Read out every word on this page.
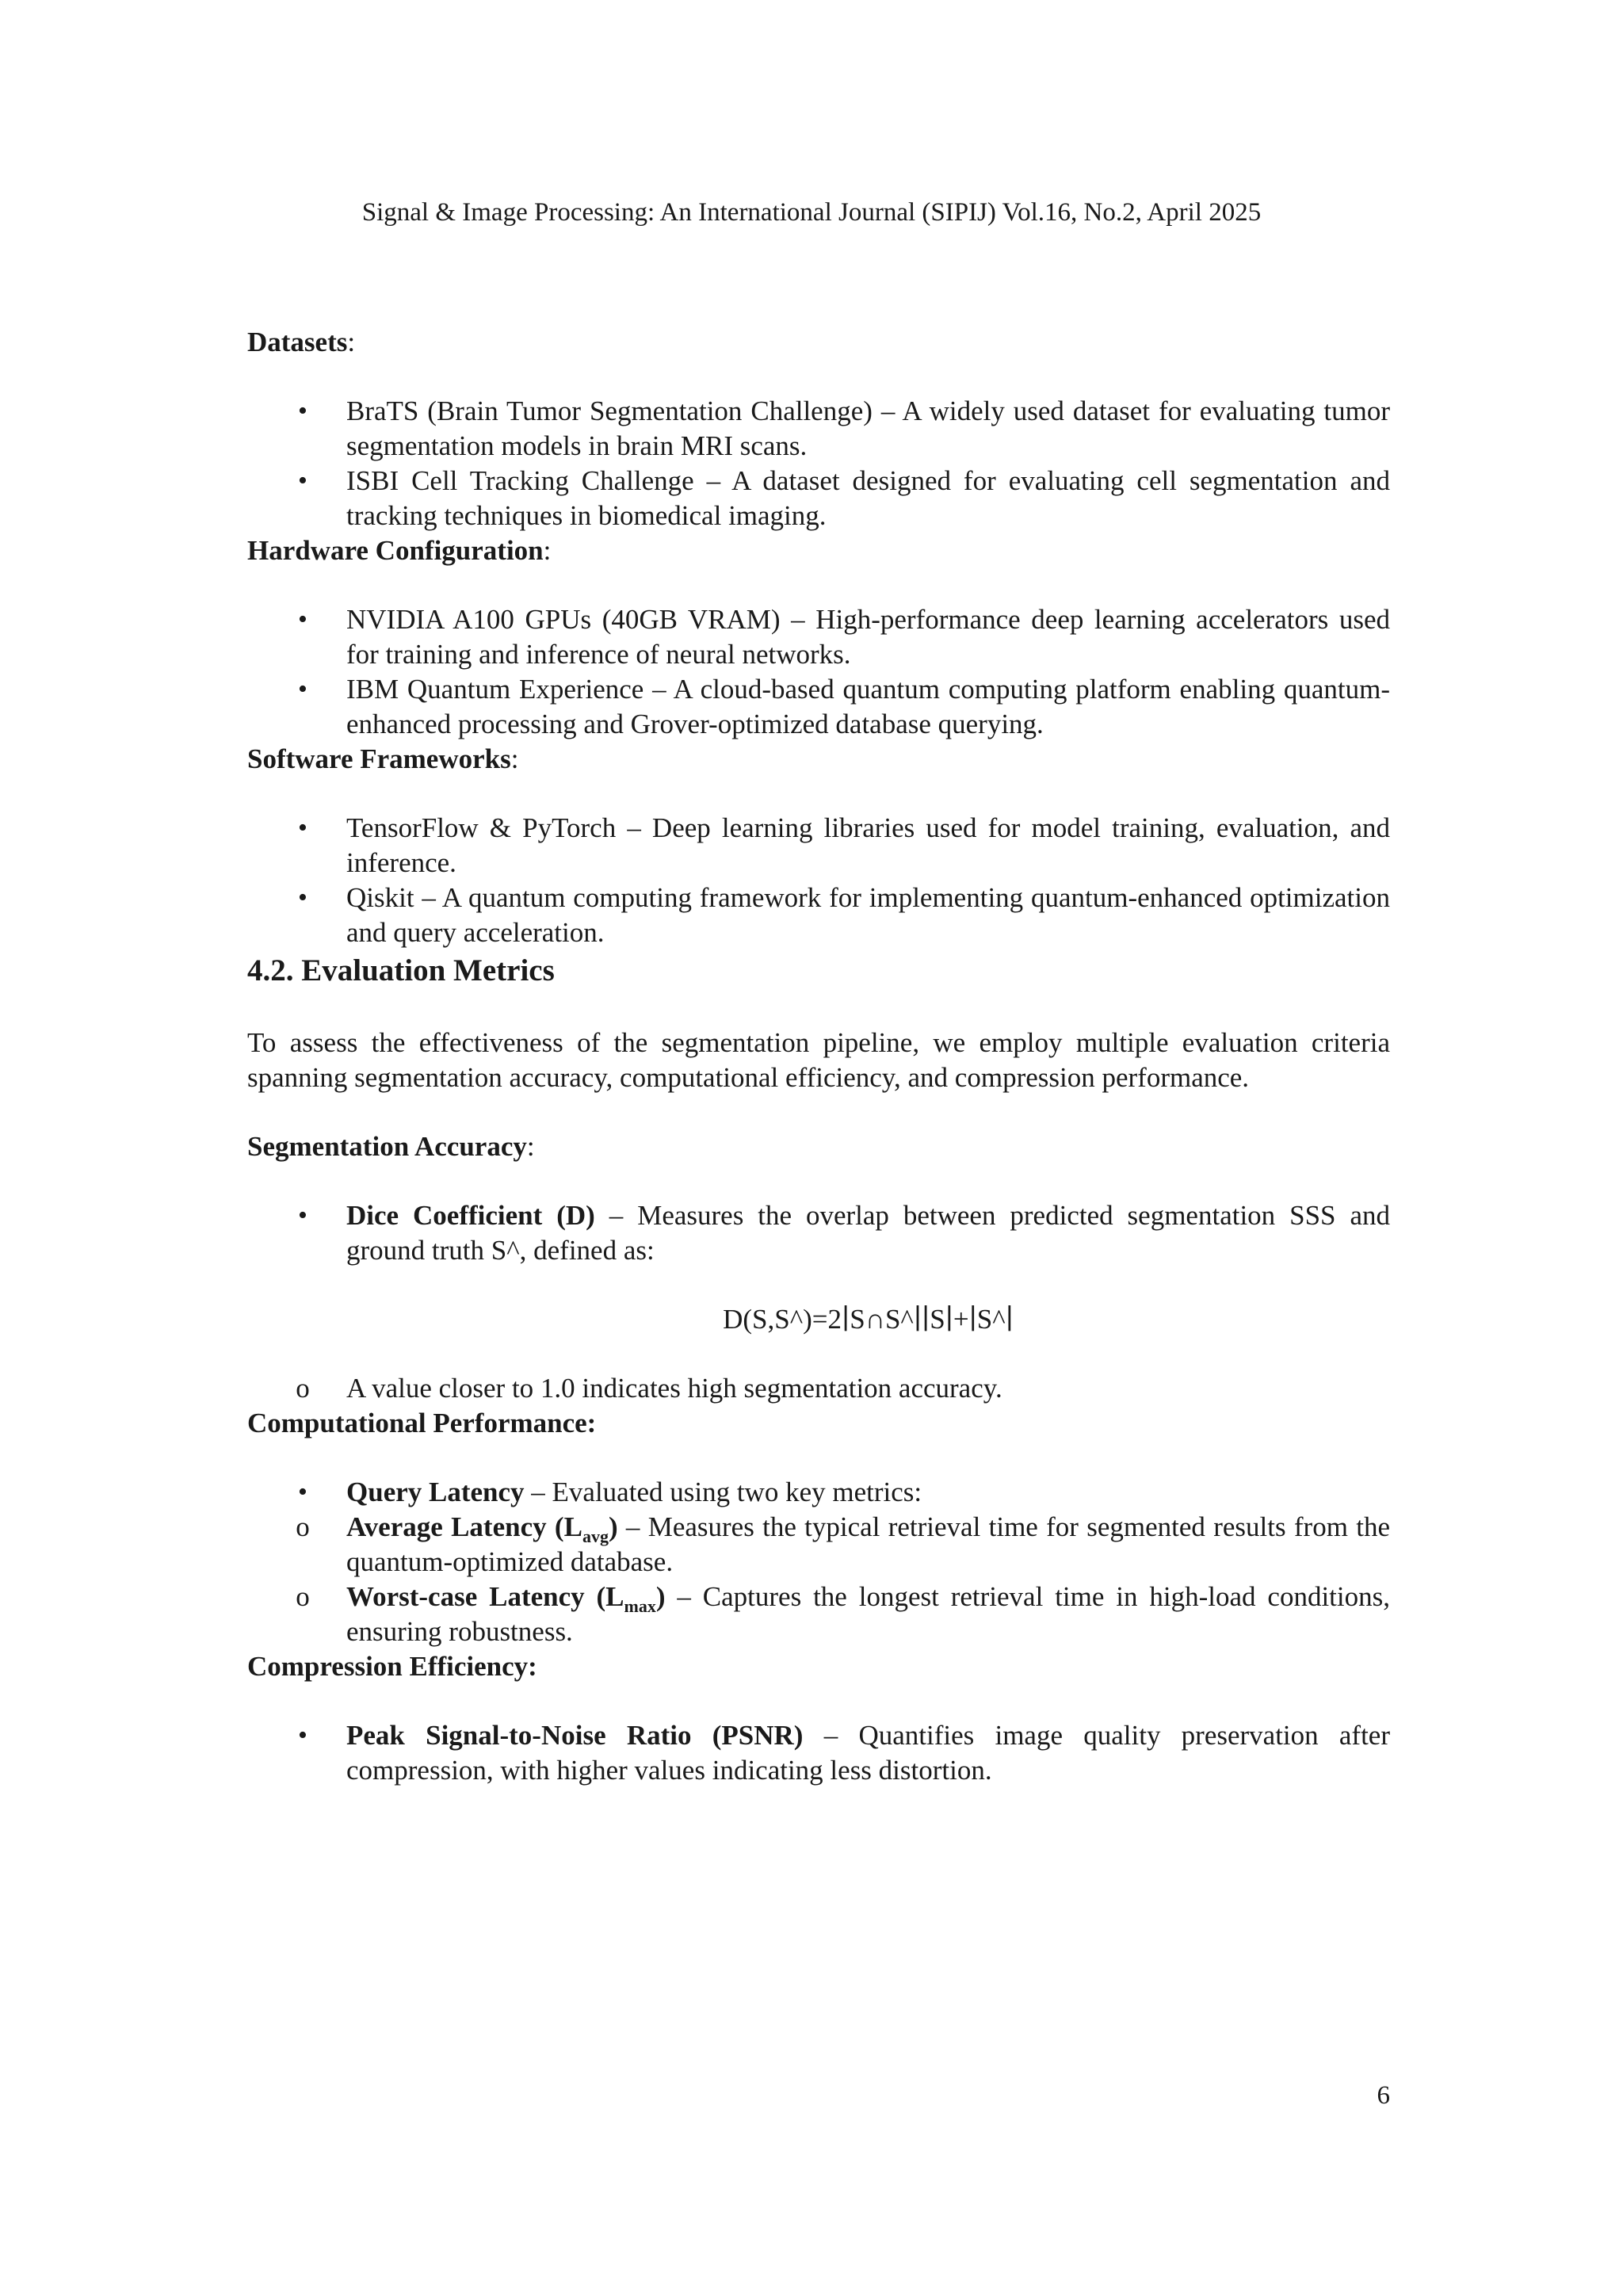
Signal & Image Processing: An International Journal (SIPIJ) Vol.16, No.2, April 2025
Datasets:
• BraTS (Brain Tumor Segmentation Challenge) – A widely used dataset for evaluating tumor segmentation models in brain MRI scans.
• ISBI Cell Tracking Challenge – A dataset designed for evaluating cell segmentation and tracking techniques in biomedical imaging.
Hardware Configuration:
• NVIDIA A100 GPUs (40GB VRAM) – High-performance deep learning accelerators used for training and inference of neural networks.
• IBM Quantum Experience – A cloud-based quantum computing platform enabling quantum-enhanced processing and Grover-optimized database querying.
Software Frameworks:
• TensorFlow & PyTorch – Deep learning libraries used for model training, evaluation, and inference.
• Qiskit – A quantum computing framework for implementing quantum-enhanced optimization and query acceleration.
4.2. Evaluation Metrics

To assess the effectiveness of the segmentation pipeline, we employ multiple evaluation criteria spanning segmentation accuracy, computational efficiency, and compression performance.

Segmentation Accuracy:
• Dice Coefficient (D) – Measures the overlap between predicted segmentation SSS and ground truth S^, defined as:
D(S,S^)=2∣S∩S^∣∣S∣+∣S^∣
o A value closer to 1.0 indicates high segmentation accuracy.
Computational Performance:
• Query Latency – Evaluated using two key metrics:
o Average Latency $(L_{avg})$ – Measures the typical retrieval time for segmented results from the quantum-optimized database.
o Worst-case Latency $(L_{max})$ – Captures the longest retrieval time in high-load conditions, ensuring robustness.
Compression Efficiency:
• Peak Signal-to-Noise Ratio (PSNR) – Quantifies image quality preservation after compression, with higher values indicating less distortion.
6
